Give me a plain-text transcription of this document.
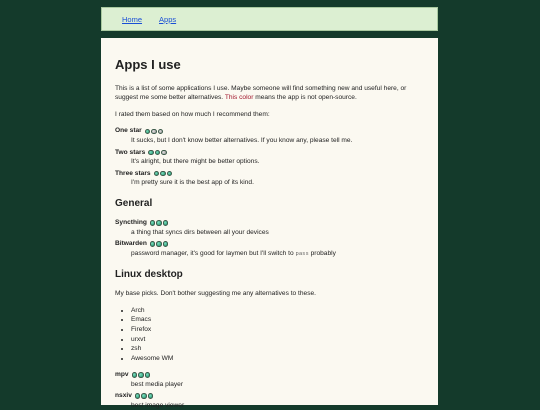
Home Apps
Apps I use

This is a list of some applications I use. Maybe someone will find something new and useful here, or suggest me some better alternatives. This color means the app is not open-source.

I rated them based on how much I recommend them:

One star
It sucks, but I don't know better alternatives. If you know any, please tell me.
Two stars
It's alright, but there might be better options.
Three stars
I'm pretty sure it is the best app of its kind.
General
Syncthing
a thing that syncs dirs between all your devices
Bitwarden
password manager, it's good for laymen but I'll switch to pass probably
Linux desktop

My base picks. Don't bother suggesting me any alternatives to these.

• Arch
• Emacs
• Firefox
• urxvt
• zsh
• Awesome WM
mpv
best media player
nsxiv
best image viewer
